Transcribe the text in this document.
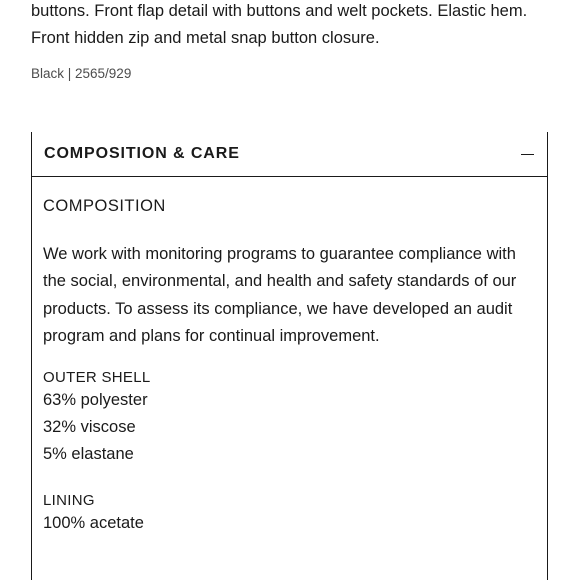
buttons. Front flap detail with buttons and welt pockets. Elastic hem. Front hidden zip and metal snap button closure.

Black | 2565/929

COMPOSITION & CARE

COMPOSITION

We work with monitoring programs to guarantee compliance with the social, environmental, and health and safety standards of our products. To assess its compliance, we have developed an audit program and plans for continual improvement.

OUTER SHELL
63% polyester
32% viscose
5% elastane
LINING
100% acetate
